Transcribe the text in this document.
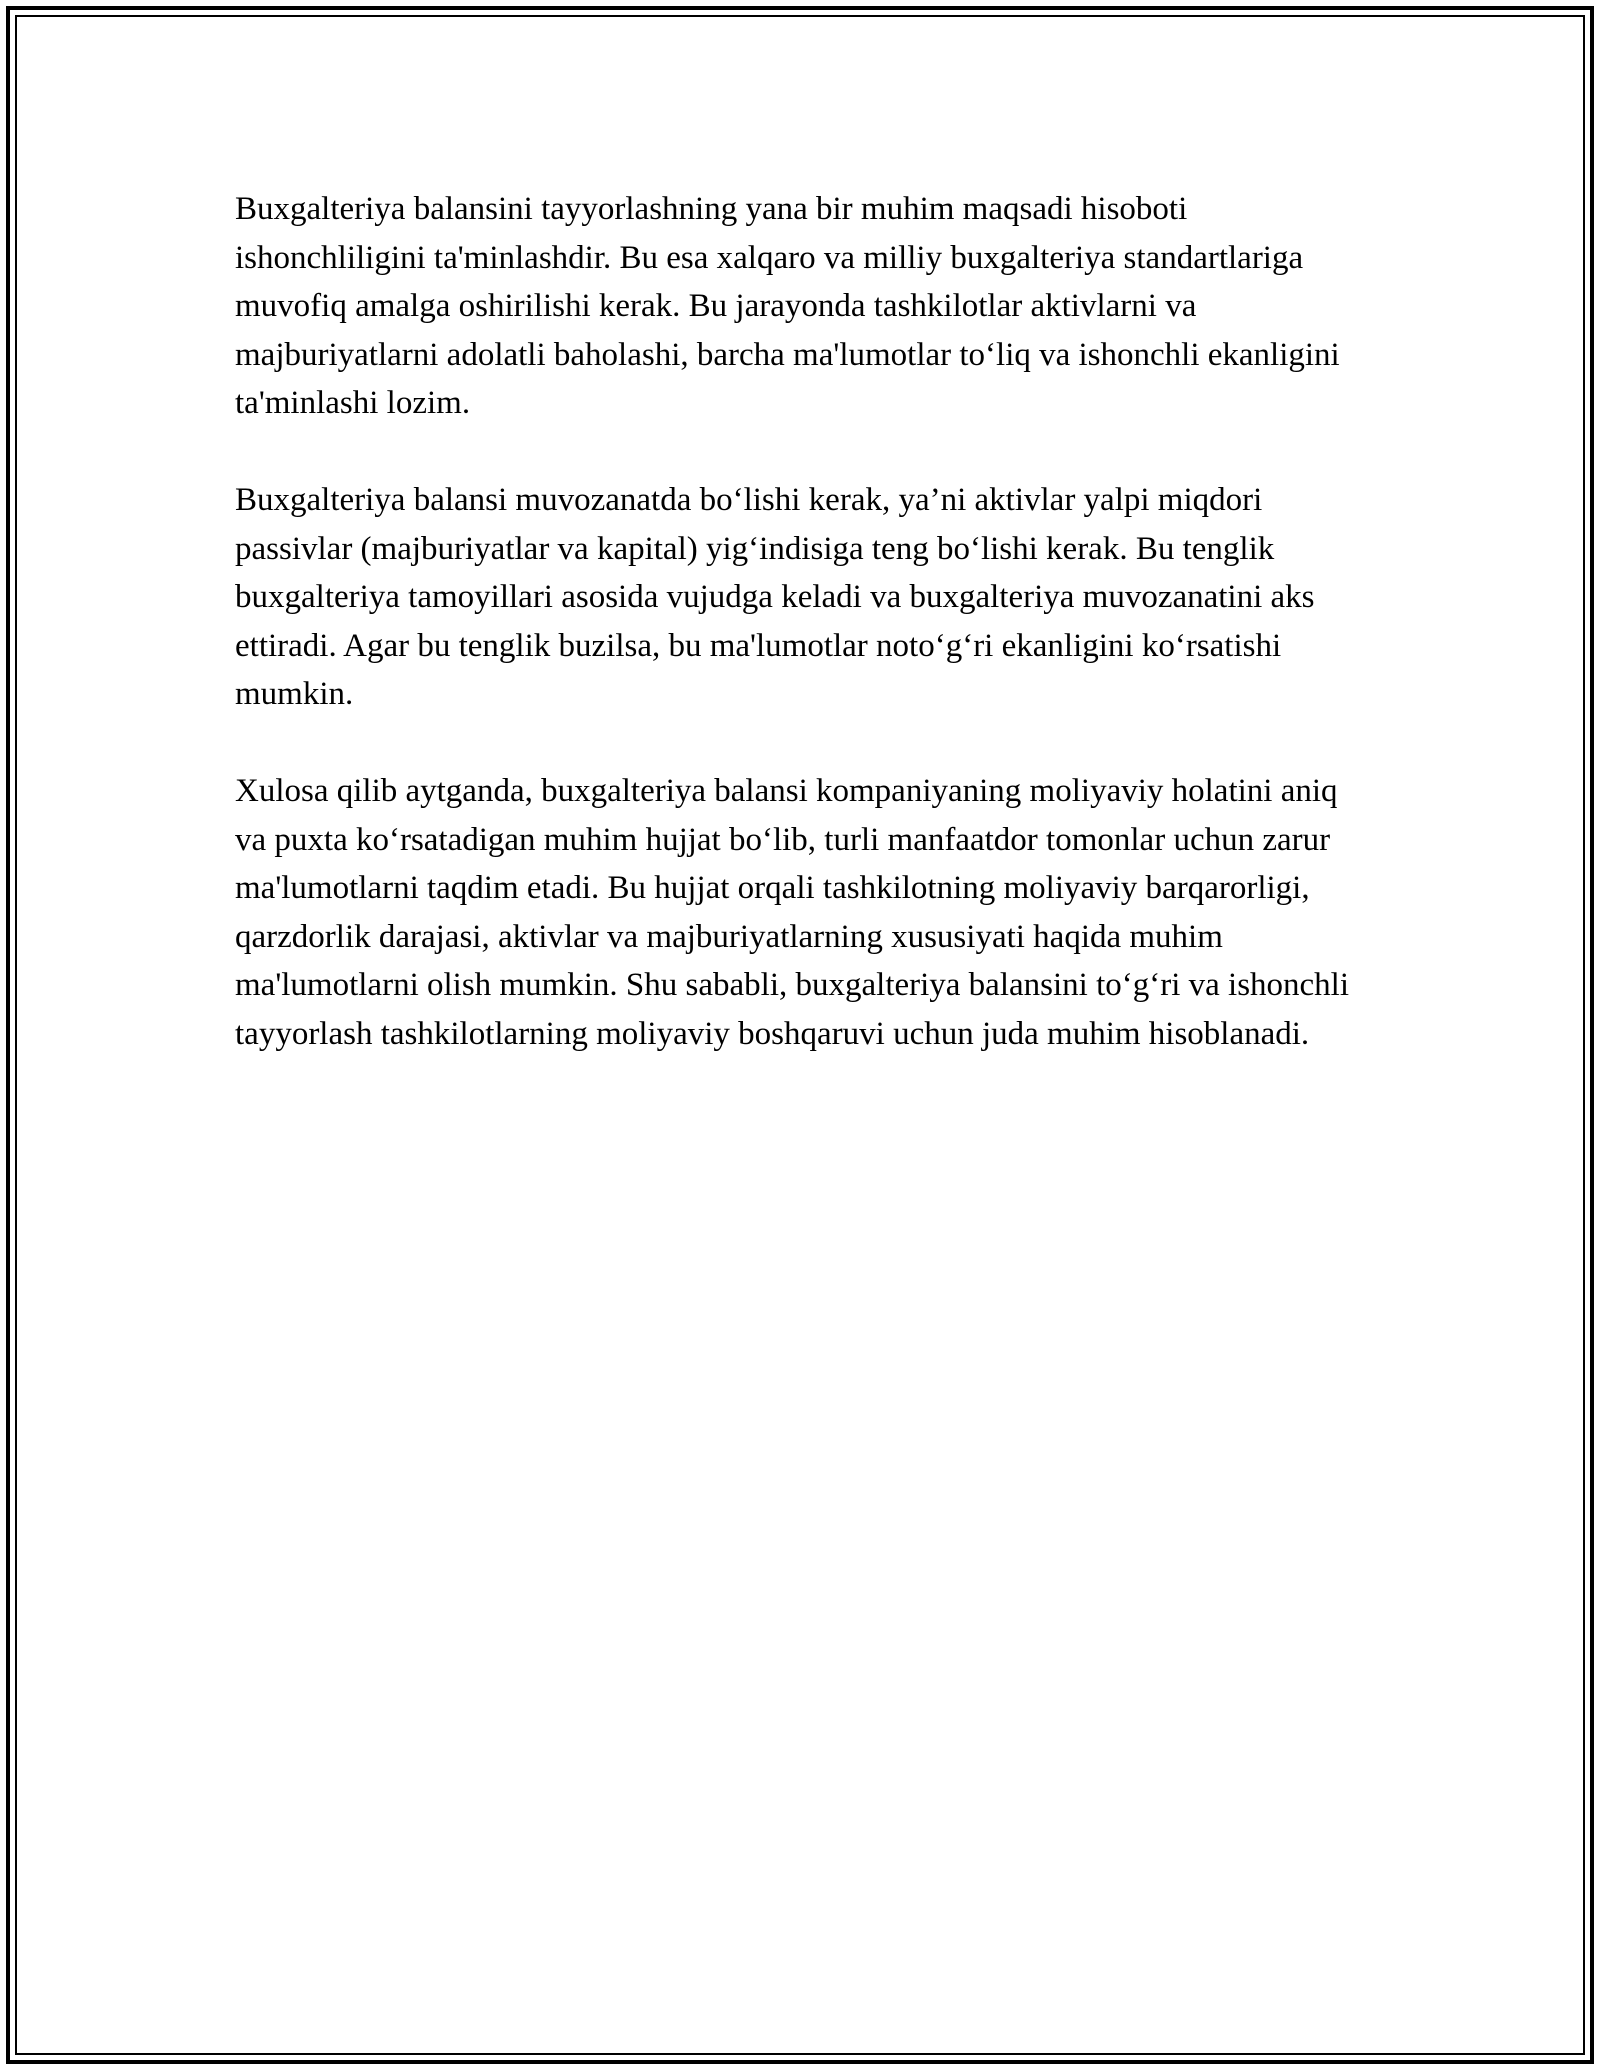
Buxgalteriya balansini tayyorlashning yana bir muhim maqsadi hisoboti ishonchliligini ta'minlashdir. Bu esa xalqaro va milliy buxgalteriya standartlariga muvofiq amalga oshirilishi kerak. Bu jarayonda tashkilotlar aktivlarni va majburiyatlarni adolatli baholashi, barcha ma'lumotlar to‘liq va ishonchli ekanligini ta'minlashi lozim.

Buxgalteriya balansi muvozanatda bo‘lishi kerak, ya’ni aktivlar yalpi miqdori passivlar (majburiyatlar va kapital) yig‘indisiga teng bo‘lishi kerak. Bu tenglik buxgalteriya tamoyillari asosida vujudga keladi va buxgalteriya muvozanatini aks ettiradi. Agar bu tenglik buzilsa, bu ma'lumotlar noto‘g‘ri ekanligini ko‘rsatishi mumkin.

Xulosa qilib aytganda, buxgalteriya balansi kompaniyaning moliyaviy holatini aniq va puxta ko‘rsatadigan muhim hujjat bo‘lib, turli manfaatdor tomonlar uchun zarur ma'lumotlarni taqdim etadi. Bu hujjat orqali tashkilotning moliyaviy barqarorligi, qarzdorlik darajasi, aktivlar va majburiyatlarning xususiyati haqida muhim ma'lumotlarni olish mumkin. Shu sababli, buxgalteriya balansini to‘g‘ri va ishonchli tayyorlash tashkilotlarning moliyaviy boshqaruvi uchun juda muhim hisoblanadi.
